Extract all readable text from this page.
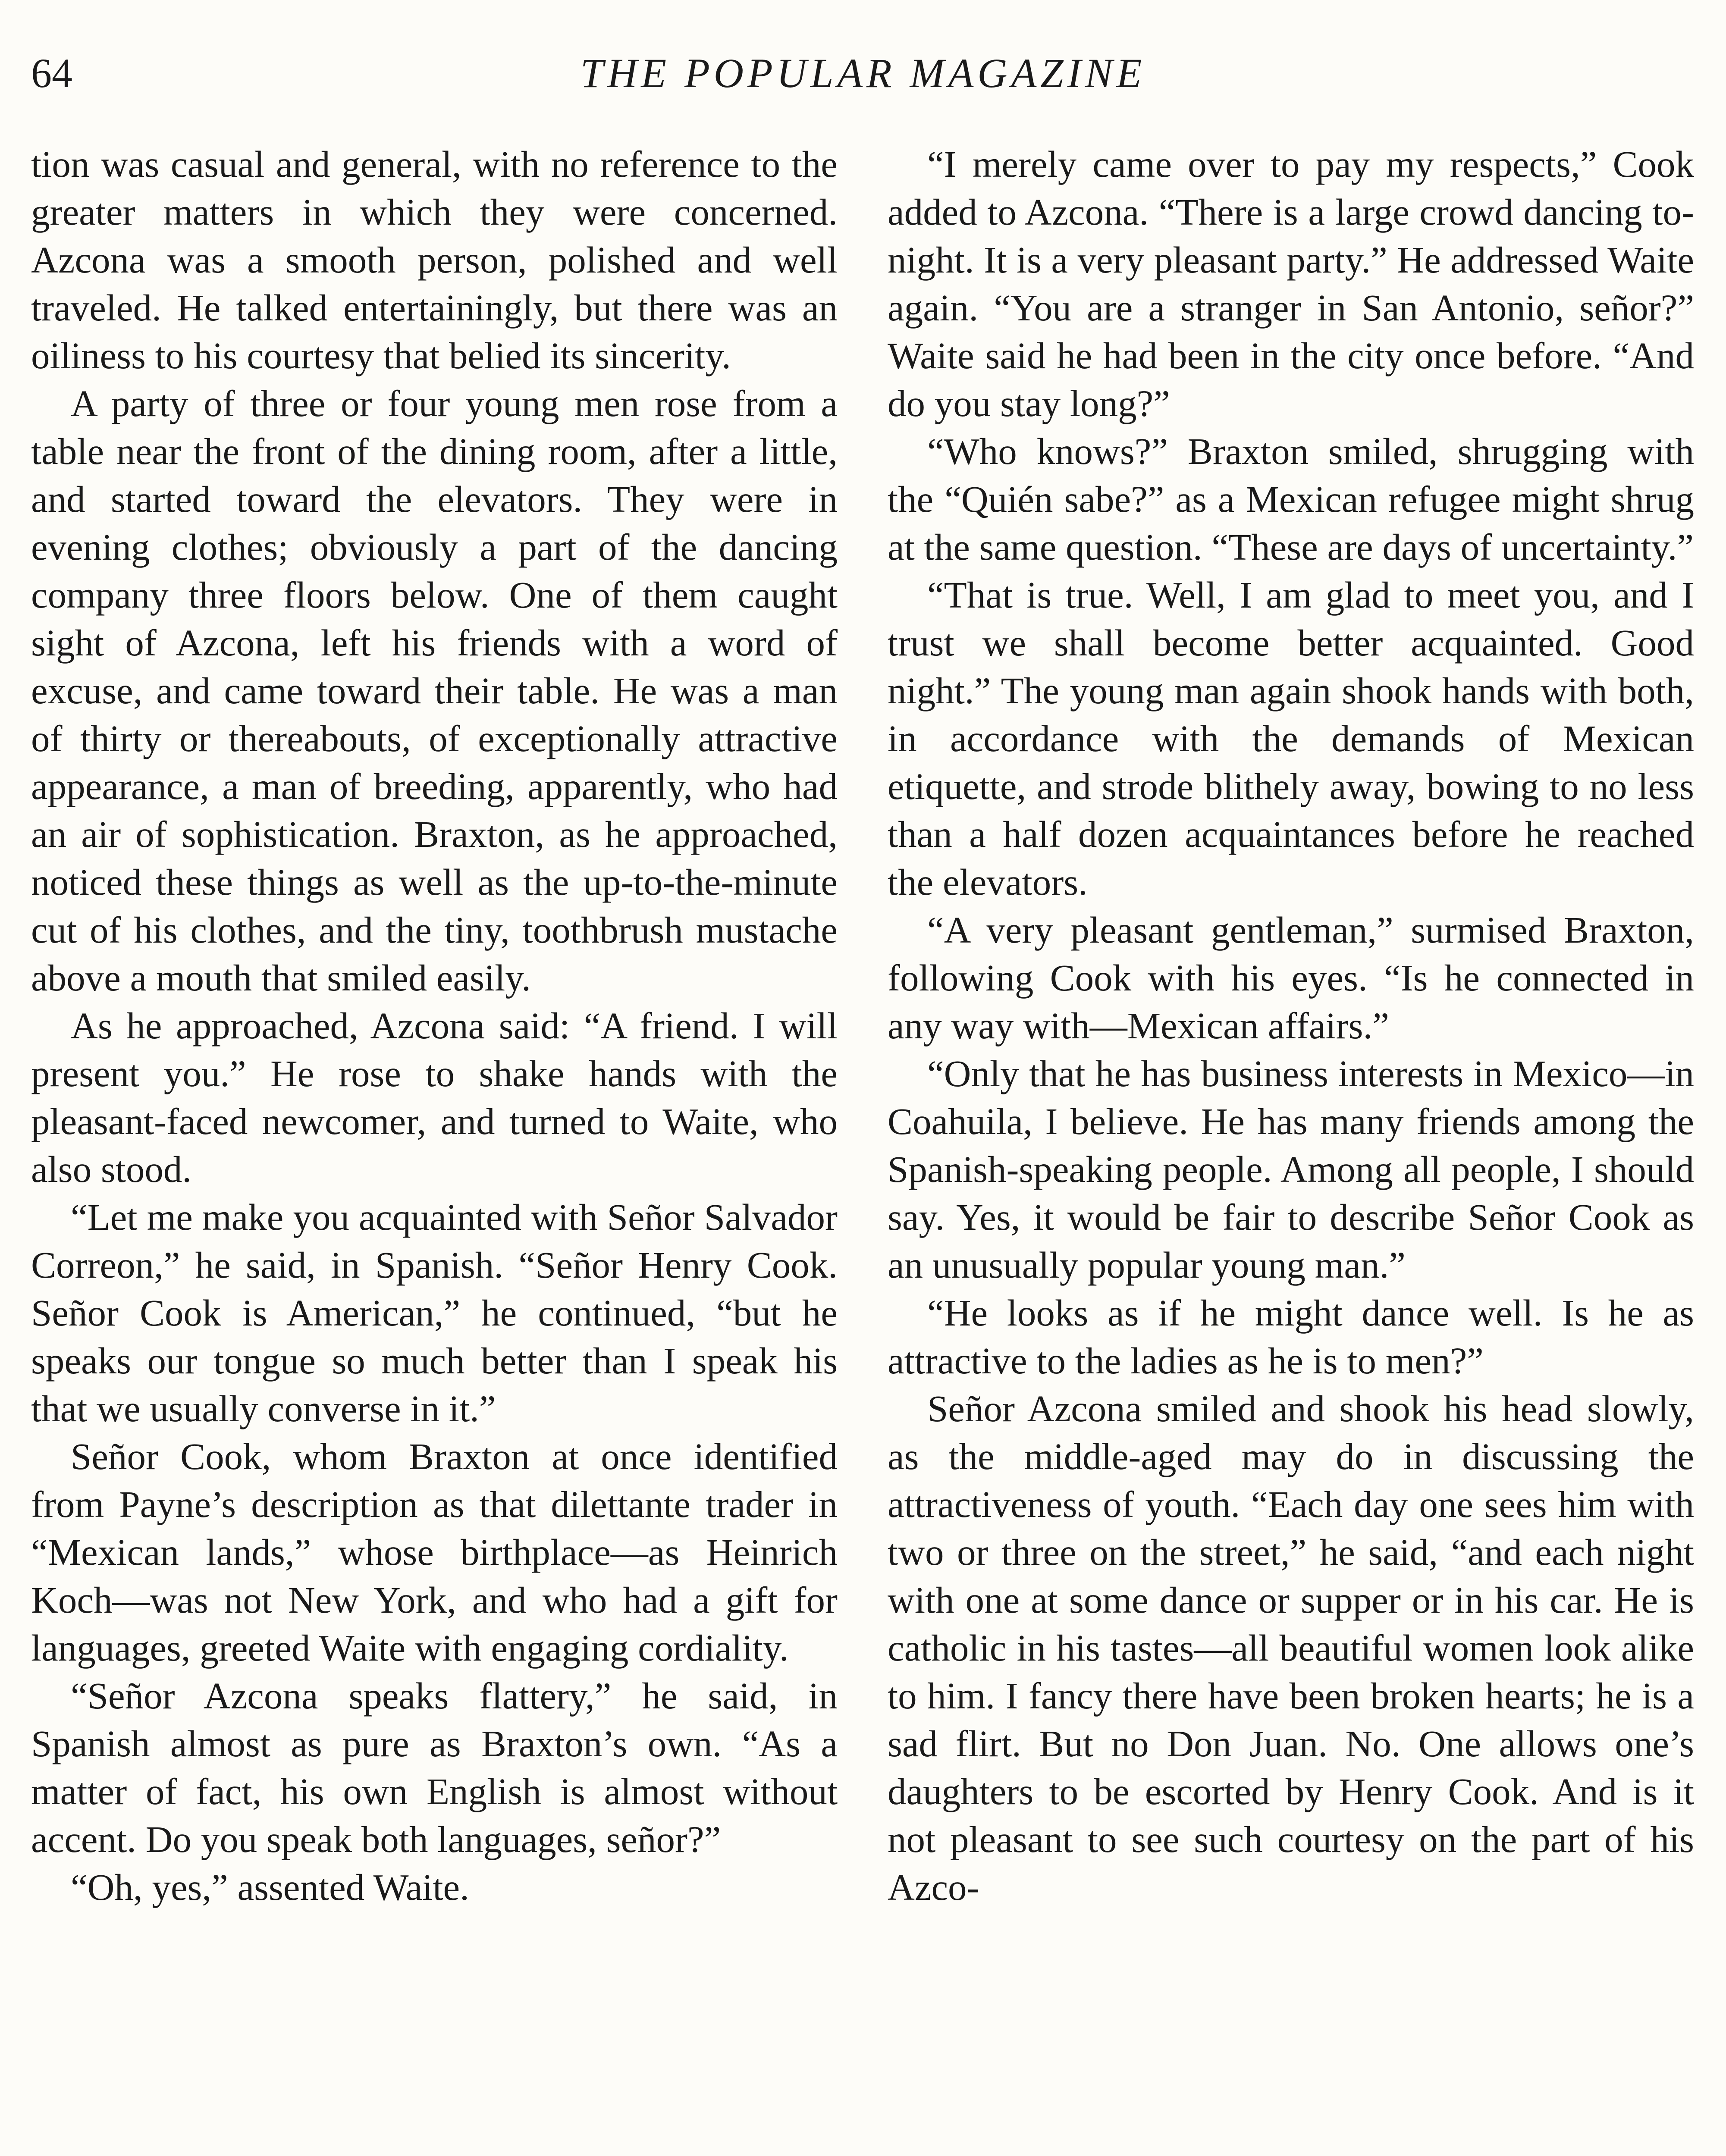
64	THE POPULAR MAGAZINE

tion was casual and general, with no reference to the greater matters in which they were concerned. Azcona was a smooth person, polished and well traveled. He talked entertainingly, but there was an oiliness to his courtesy that belied its sincerity.

A party of three or four young men rose from a table near the front of the dining room, after a little, and started toward the elevators. They were in evening clothes; obviously a part of the dancing company three floors below. One of them caught sight of Azcona, left his friends with a word of excuse, and came toward their table. He was a man of thirty or thereabouts, of exceptionally attractive appearance, a man of breeding, apparently, who had an air of sophistication. Braxton, as he approached, noticed these things as well as the up-to-the-minute cut of his clothes, and the tiny, toothbrush mustache above a mouth that smiled easily.

As he approached, Azcona said: “A friend. I will present you.” He rose to shake hands with the pleasant-faced newcomer, and turned to Waite, who also stood.

“Let me make you acquainted with Señor Salvador Correon,” he said, in Spanish. “Señor Henry Cook. Señor Cook is American,” he continued, “but he speaks our tongue so much better than I speak his that we usually converse in it.”

Señor Cook, whom Braxton at once identified from Payne’s description as that dilettante trader in “Mexican lands,” whose birthplace—as Heinrich Koch—was not New York, and who had a gift for languages, greeted Waite with engaging cordiality.

“Señor Azcona speaks flattery,” he said, in Spanish almost as pure as Braxton’s own. “As a matter of fact, his own English is almost without accent. Do you speak both languages, señor?”

“Oh, yes,” assented Waite.

“I merely came over to pay my respects,” Cook added to Azcona. “There is a large crowd dancing to-night. It is a very pleasant party.” He addressed Waite again. “You are a stranger in San Antonio, señor?” Waite said he had been in the city once before. “And do you stay long?”

“Who knows?” Braxton smiled, shrugging with the “Quién sabe?” as a Mexican refugee might shrug at the same question. “These are days of uncertainty.”

“That is true. Well, I am glad to meet you, and I trust we shall become better acquainted. Good night.” The young man again shook hands with both, in accordance with the demands of Mexican etiquette, and strode blithely away, bowing to no less than a half dozen acquaintances before he reached the elevators.

“A very pleasant gentleman,” surmised Braxton, following Cook with his eyes. “Is he connected in any way with—Mexican affairs.”

“Only that he has business interests in Mexico—in Coahuila, I believe. He has many friends among the Spanish-speaking people. Among all people, I should say. Yes, it would be fair to describe Señor Cook as an unusually popular young man.”

“He looks as if he might dance well. Is he as attractive to the ladies as he is to men?”

Señor Azcona smiled and shook his head slowly, as the middle-aged may do in discussing the attractiveness of youth. “Each day one sees him with two or three on the street,” he said, “and each night with one at some dance or supper or in his car. He is catholic in his tastes—all beautiful women look alike to him. I fancy there have been broken hearts; he is a sad flirt. But no Don Juan. No. One allows one’s daughters to be escorted by Henry Cook. And is it not pleasant to see such courtesy on the part of his Azco-
